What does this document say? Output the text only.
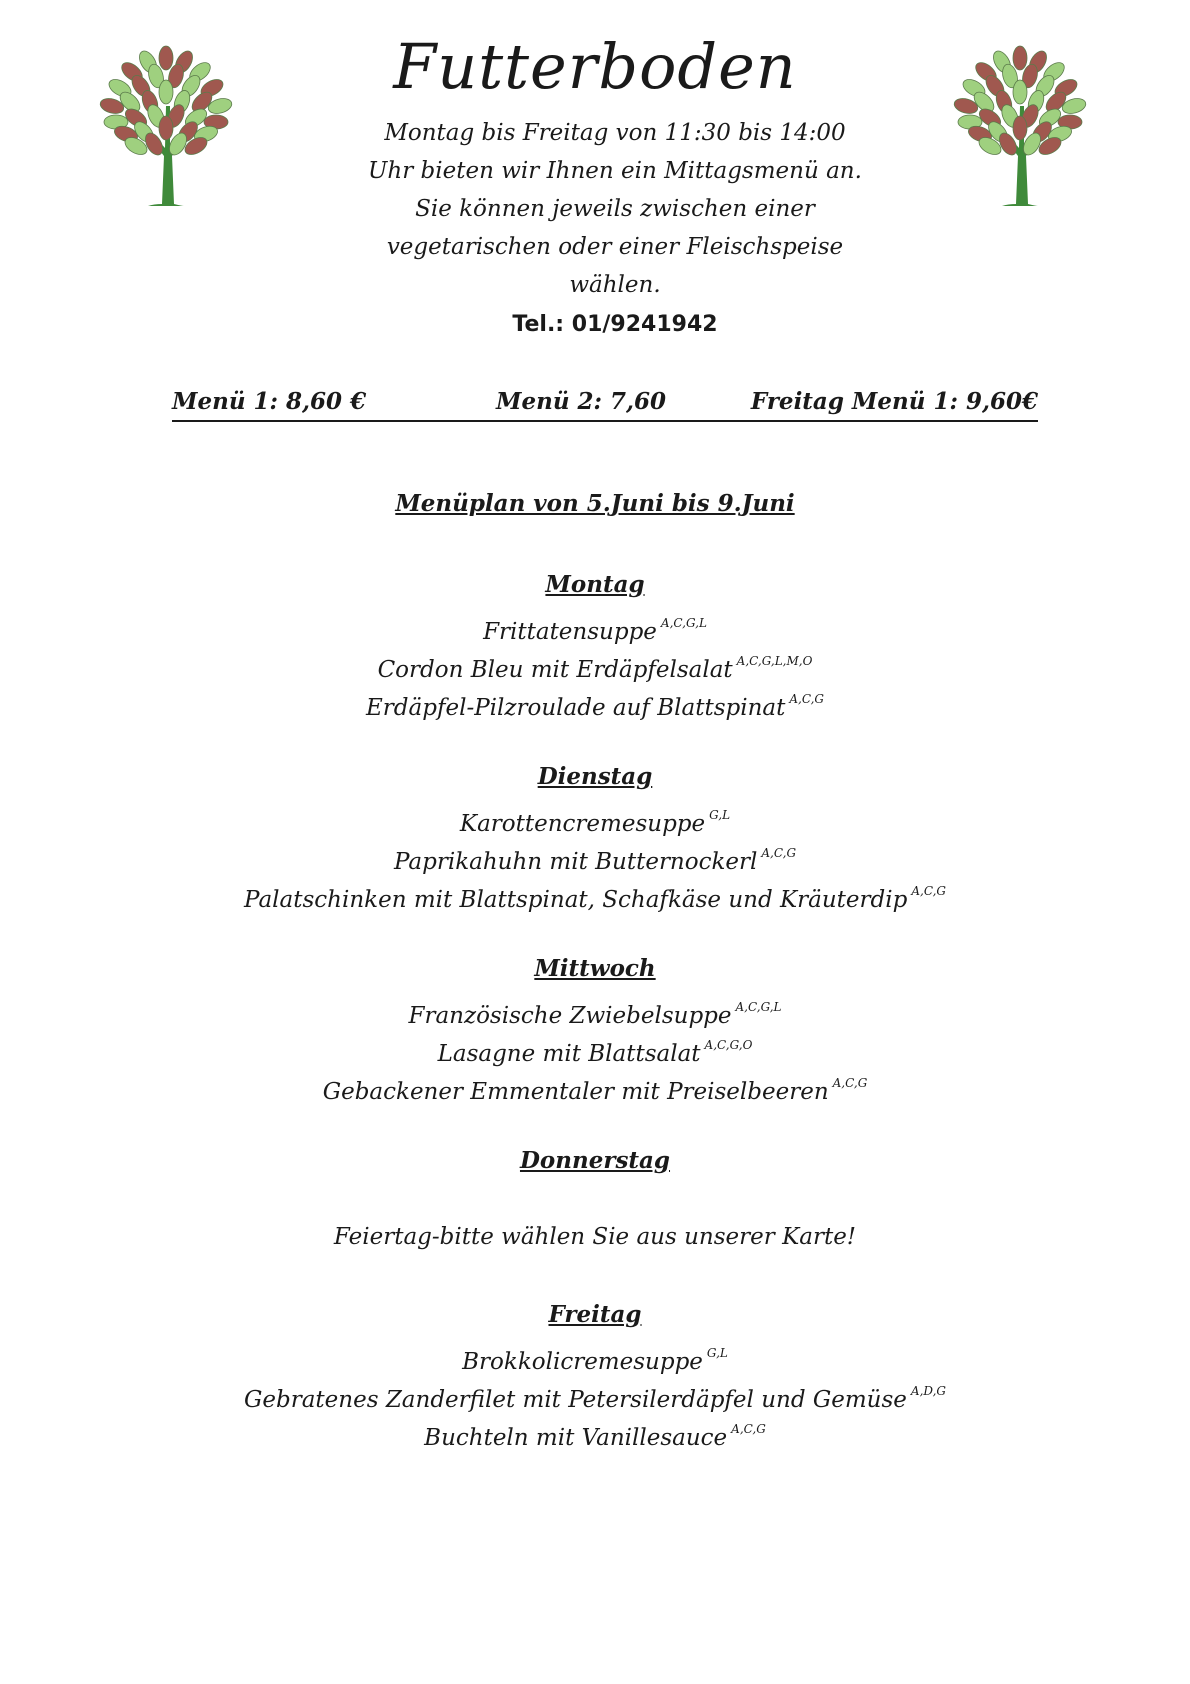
Futterboden
Montag bis Freitag von 11:30 bis 14:00
Uhr bieten wir Ihnen ein Mittagsmenü an.
Sie können jeweils zwischen einer
vegetarischen oder einer Fleischspeise
wählen.
Tel.: 01/9241942
Menü 1: 8,60 €	Menü 2: 7,60	Freitag Menü 1: 9,60€
Menüplan von 5.Juni bis 9.Juni
Montag
Frittatensuppe $^{A,C,G,L}$
Cordon Bleu mit Erdäpfelsalat $^{A,C,G,L,M,O}$
Erdäpfel-Pilzroulade auf Blattspinat $^{A,C,G}$
Dienstag
Karottencremesuppe $^{G,L}$
Paprikahuhn mit Butternockerl $^{A,C,G}$
Palatschinken mit Blattspinat, Schafkäse und Kräuterdip $^{A,C,G}$
Mittwoch
Französische Zwiebelsuppe $^{A,C,G,L}$
Lasagne mit Blattsalat $^{A,C,G,O}$
Gebackener Emmentaler mit Preiselbeeren $^{A,C,G}$
Donnerstag
Feiertag-bitte wählen Sie aus unserer Karte!
Freitag
Brokkolicremesuppe $^{G,L}$
Gebratenes Zanderfilet mit Petersilerdäpfel und Gemüse $^{A,D,G}$
Buchteln mit Vanillesauce $^{A,C,G}$
